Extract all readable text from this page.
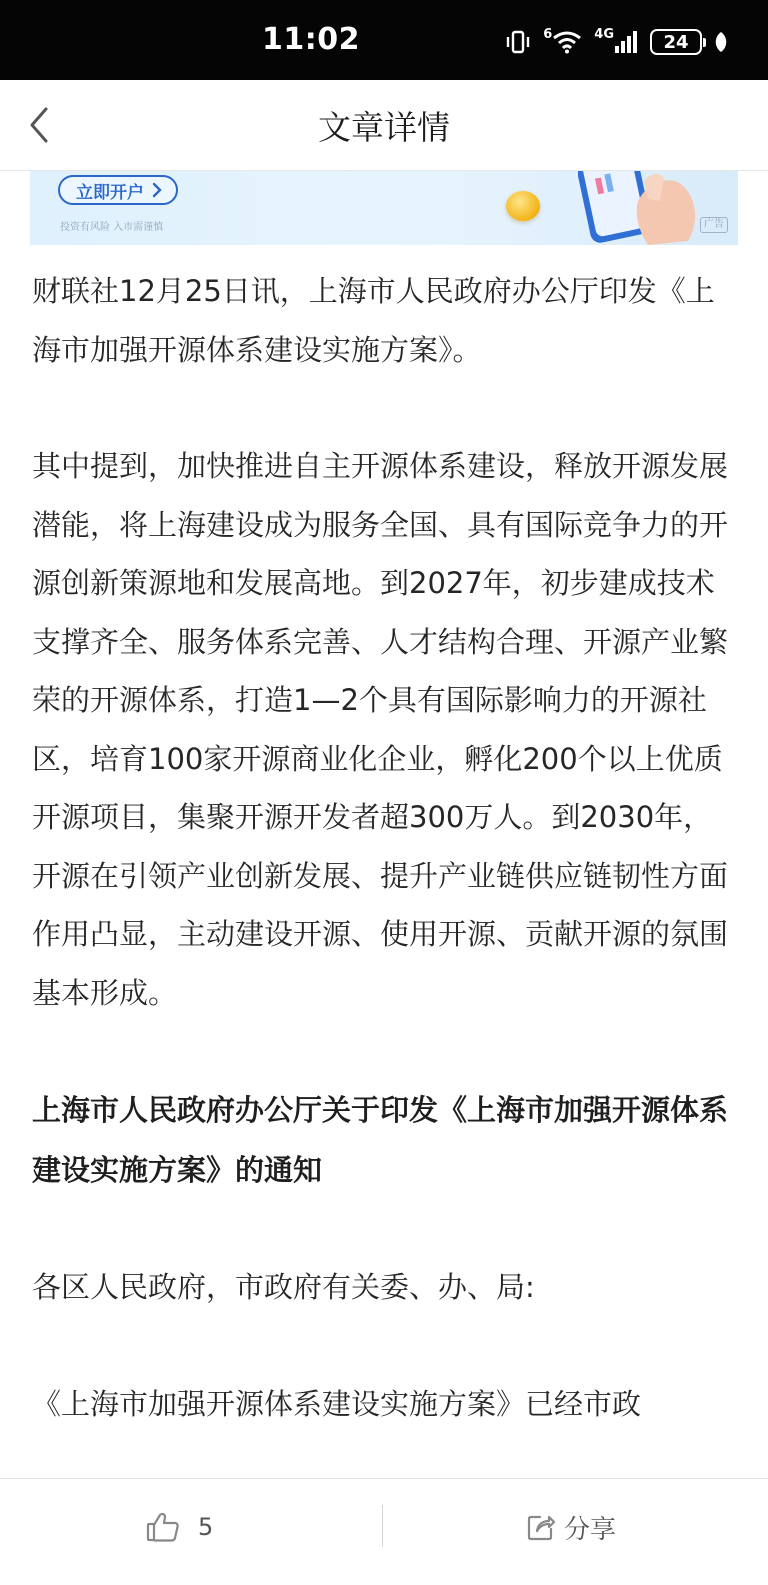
11:02	6	4G	24
文章详情
立即开户
投资有风险 入市需谨慎	广告

财联社12月25日讯，上海市人民政府办公厅印发《上海市加强开源体系建设实施方案》。

其中提到，加快推进自主开源体系建设，释放开源发展潜能，将上海建设成为服务全国、具有国际竞争力的开源创新策源地和发展高地。到2027年，初步建成技术支撑齐全、服务体系完善、人才结构合理、开源产业繁荣的开源体系，打造1—2个具有国际影响力的开源社区，培育100家开源商业化企业，孵化200个以上优质开源项目，集聚开源开发者超300万人。到2030年，开源在引领产业创新发展、提升产业链供应链韧性方面作用凸显，主动建设开源、使用开源、贡献开源的氛围基本形成。

上海市人民政府办公厅关于印发《上海市加强开源体系建设实施方案》的通知

各区人民政府，市政府有关委、办、局:

《上海市加强开源体系建设实施方案》已经市政

5	分享
